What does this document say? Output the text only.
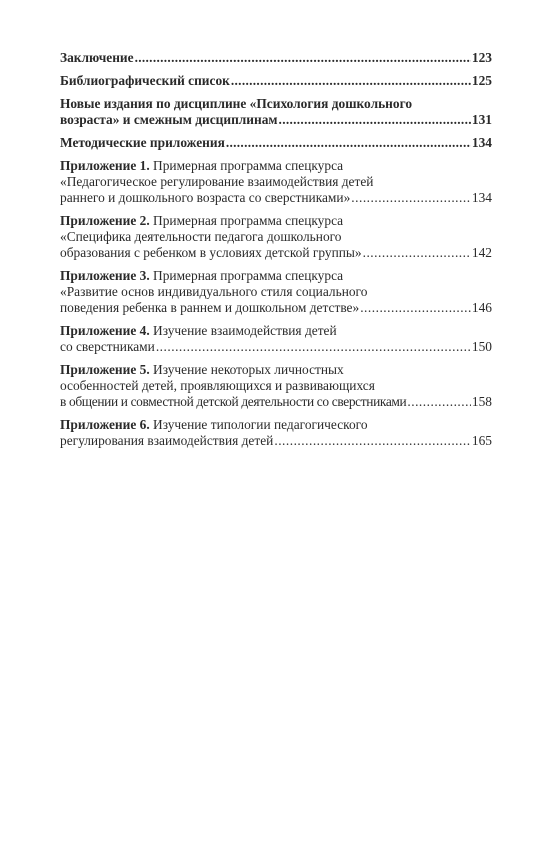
Заключение .....	123
Библиографический список .....	125
Новые издания по дисциплине «Психология дошкольного
возраста» и смежным дисциплинам .....	131
Методические приложения .....	134
Приложение 1. Примерная программа спецкурса
«Педагогическое регулирование взаимодействия детей
раннего и дошкольного возраста со сверстниками» .....	134
Приложение 2. Примерная программа спецкурса
«Специфика деятельности педагога дошкольного
образования с ребенком в условиях детской группы» .....	142
Приложение 3. Примерная программа спецкурса
«Развитие основ индивидуального стиля социального
поведения ребенка в раннем и дошкольном детстве» .....	146
Приложение 4. Изучение взаимодействия детей
со сверстниками .....	150
Приложение 5. Изучение некоторых личностных
особенностей детей, проявляющихся и развивающихся
в общении и совместной детской деятельности со сверстниками .....	158
Приложение 6. Изучение типологии педагогического
регулирования взаимодействия детей .....	165
